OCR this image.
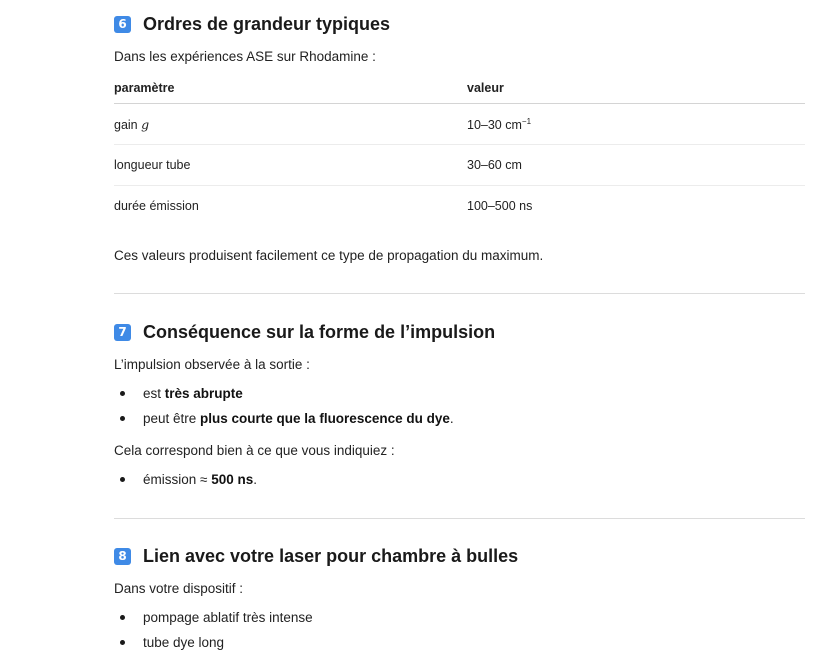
6 Ordres de grandeur typiques
Dans les expériences ASE sur Rhodamine :
paramètre	valeur
gain g	10–30 $cm^{-1}$
longueur tube	30–60 cm
durée émission	100–500 ns
Ces valeurs produisent facilement ce type de propagation du maximum.
7 Conséquence sur la forme de l’impulsion
L’impulsion observée à la sortie :
est très abrupte
peut être plus courte que la fluorescence du dye.
Cela correspond bien à ce que vous indiquiez :
émission ≈ 500 ns.
8 Lien avec votre laser pour chambre à bulles
Dans votre dispositif :
pompage ablatif très intense
tube dye long
